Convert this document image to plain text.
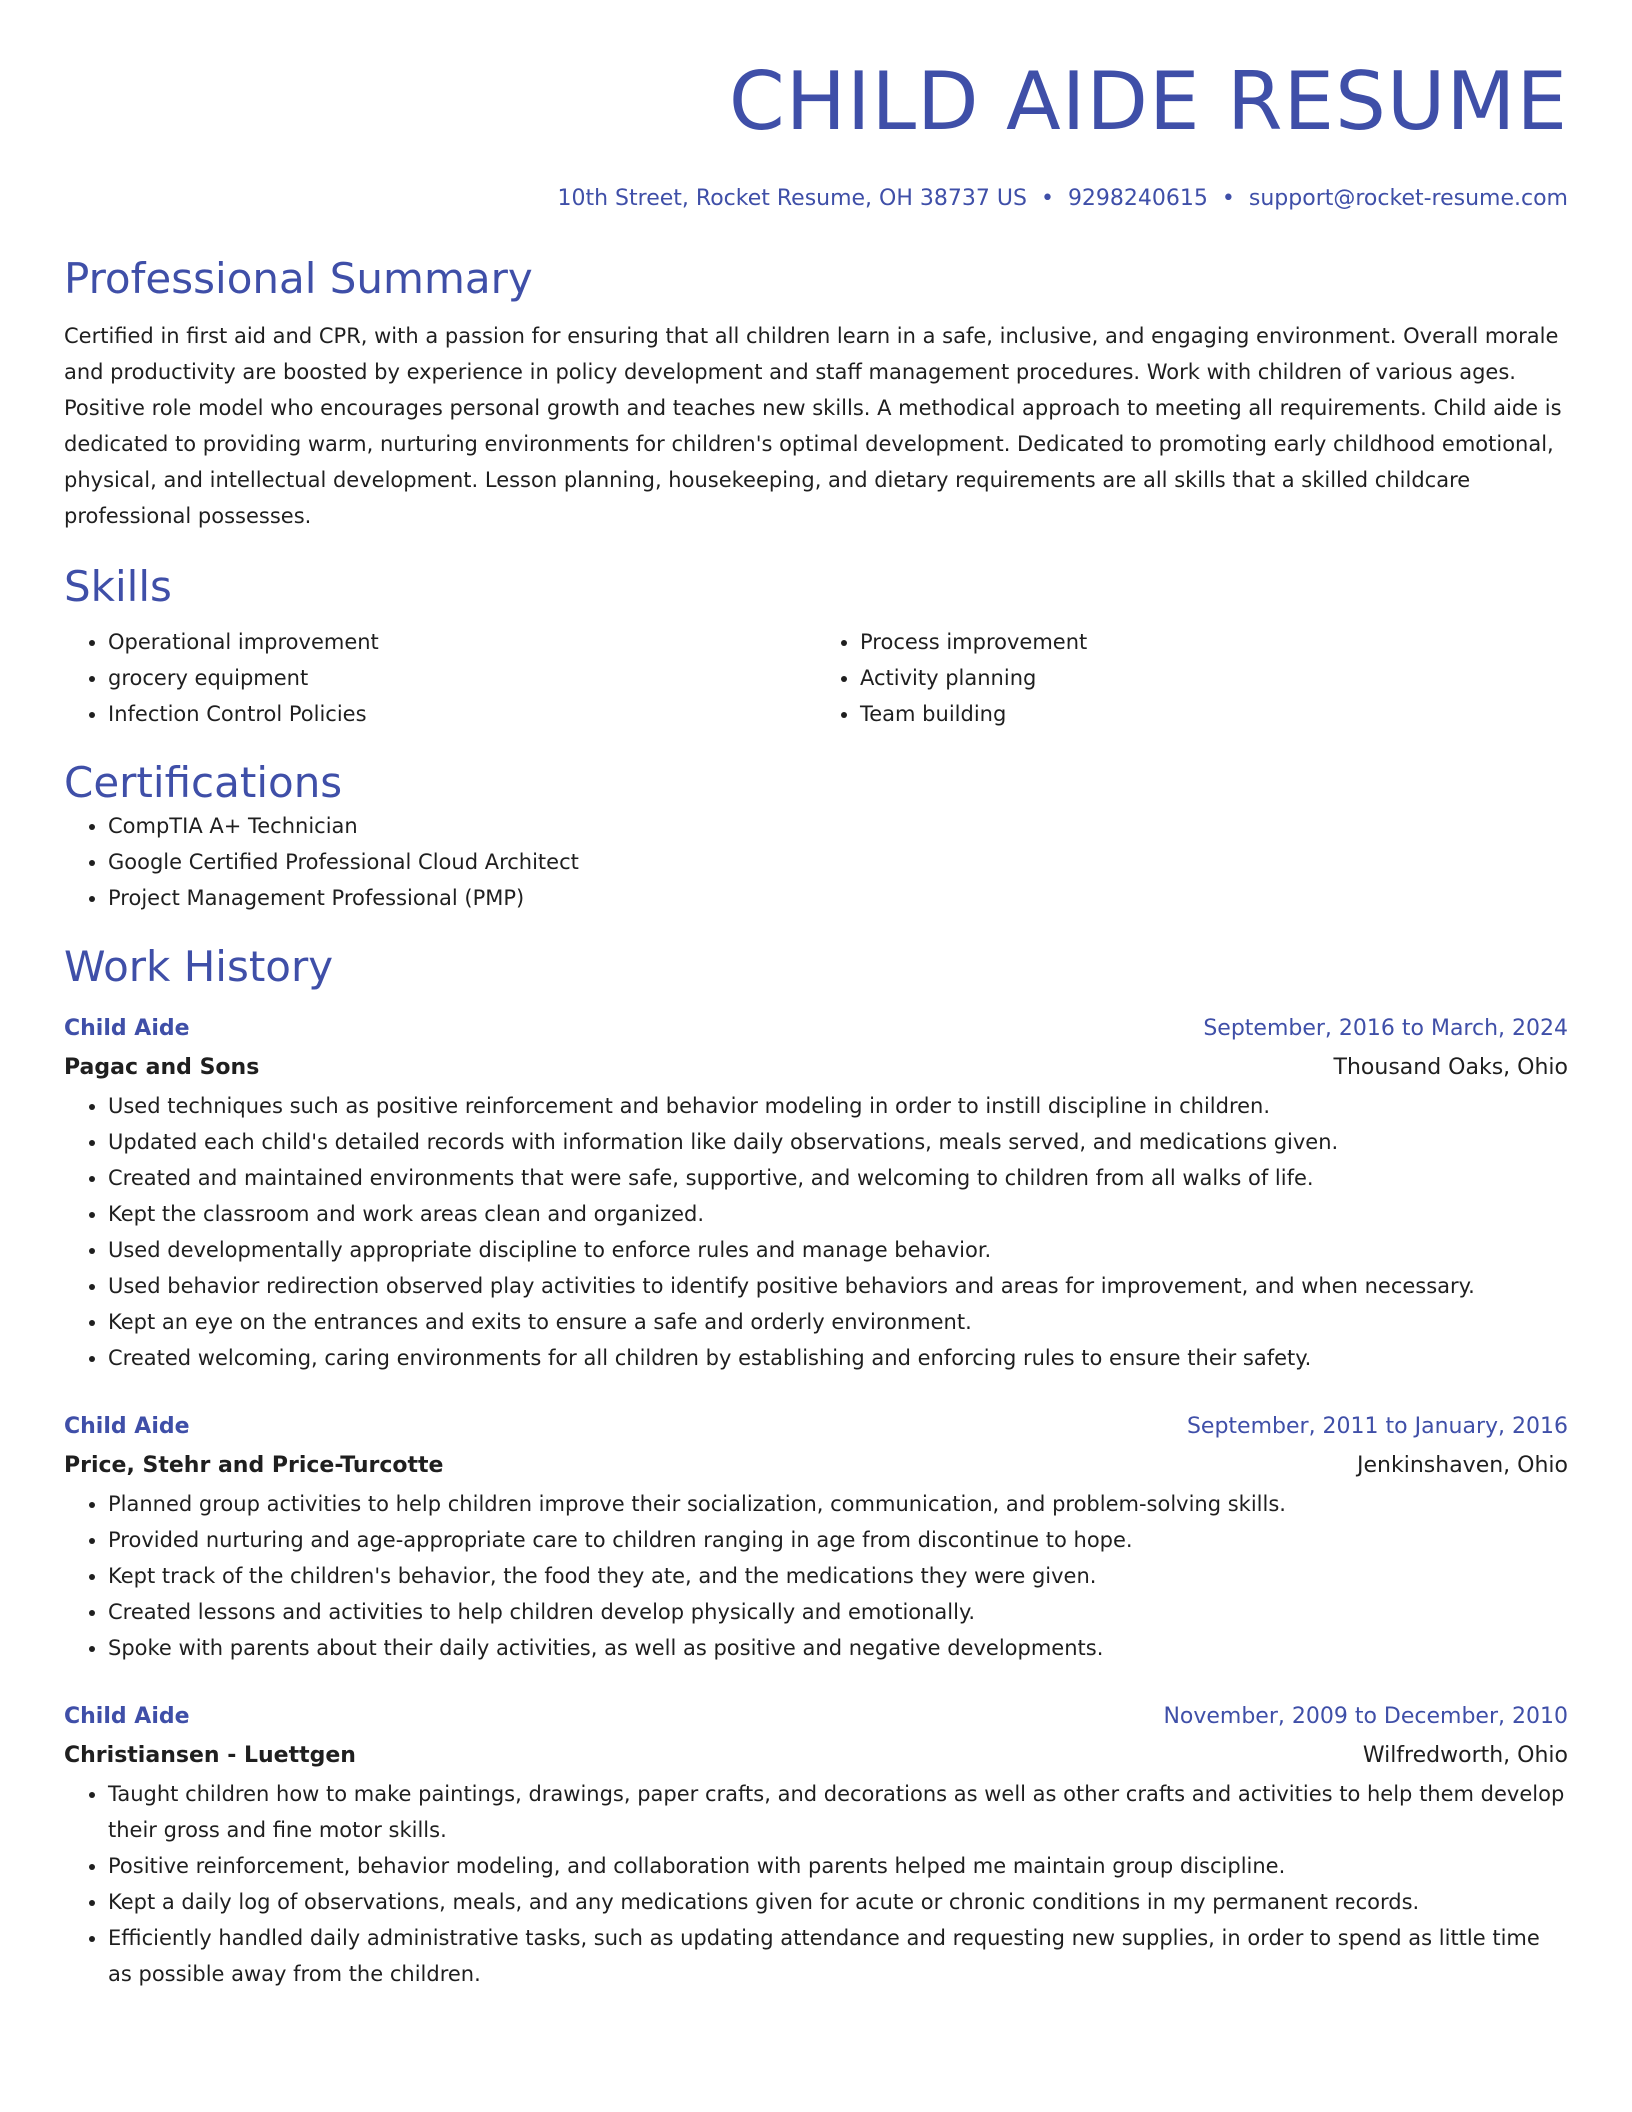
CHILD AIDE RESUME
10th Street, Rocket Resume, OH 38737 US • 9298240615 • support@rocket-resume.com
Professional Summary
Certified in first aid and CPR, with a passion for ensuring that all children learn in a safe, inclusive, and engaging environment. Overall morale and productivity are boosted by experience in policy development and staff management procedures. Work with children of various ages. Positive role model who encourages personal growth and teaches new skills. A methodical approach to meeting all requirements. Child aide is dedicated to providing warm, nurturing environments for children's optimal development. Dedicated to promoting early childhood emotional, physical, and intellectual development. Lesson planning, housekeeping, and dietary requirements are all skills that a skilled childcare professional possesses.
Skills
• Operational improvement
• grocery equipment
• Infection Control Policies
• Process improvement
• Activity planning
• Team building
Certifications
• CompTIA A+ Technician
• Google Certified Professional Cloud Architect
• Project Management Professional (PMP)
Work History
Child Aide	September, 2016 to March, 2024
Pagac and Sons	Thousand Oaks, Ohio
• Used techniques such as positive reinforcement and behavior modeling in order to instill discipline in children.
• Updated each child's detailed records with information like daily observations, meals served, and medications given.
• Created and maintained environments that were safe, supportive, and welcoming to children from all walks of life.
• Kept the classroom and work areas clean and organized.
• Used developmentally appropriate discipline to enforce rules and manage behavior.
• Used behavior redirection observed play activities to identify positive behaviors and areas for improvement, and when necessary.
• Kept an eye on the entrances and exits to ensure a safe and orderly environment.
• Created welcoming, caring environments for all children by establishing and enforcing rules to ensure their safety.
Child Aide	September, 2011 to January, 2016
Price, Stehr and Price-Turcotte	Jenkinshaven, Ohio
• Planned group activities to help children improve their socialization, communication, and problem-solving skills.
• Provided nurturing and age-appropriate care to children ranging in age from discontinue to hope.
• Kept track of the children's behavior, the food they ate, and the medications they were given.
• Created lessons and activities to help children develop physically and emotionally.
• Spoke with parents about their daily activities, as well as positive and negative developments.
Child Aide	November, 2009 to December, 2010
Christiansen - Luettgen	Wilfredworth, Ohio
• Taught children how to make paintings, drawings, paper crafts, and decorations as well as other crafts and activities to help them develop their gross and fine motor skills.
• Positive reinforcement, behavior modeling, and collaboration with parents helped me maintain group discipline.
• Kept a daily log of observations, meals, and any medications given for acute or chronic conditions in my permanent records.
• Efficiently handled daily administrative tasks, such as updating attendance and requesting new supplies, in order to spend as little time as possible away from the children.
